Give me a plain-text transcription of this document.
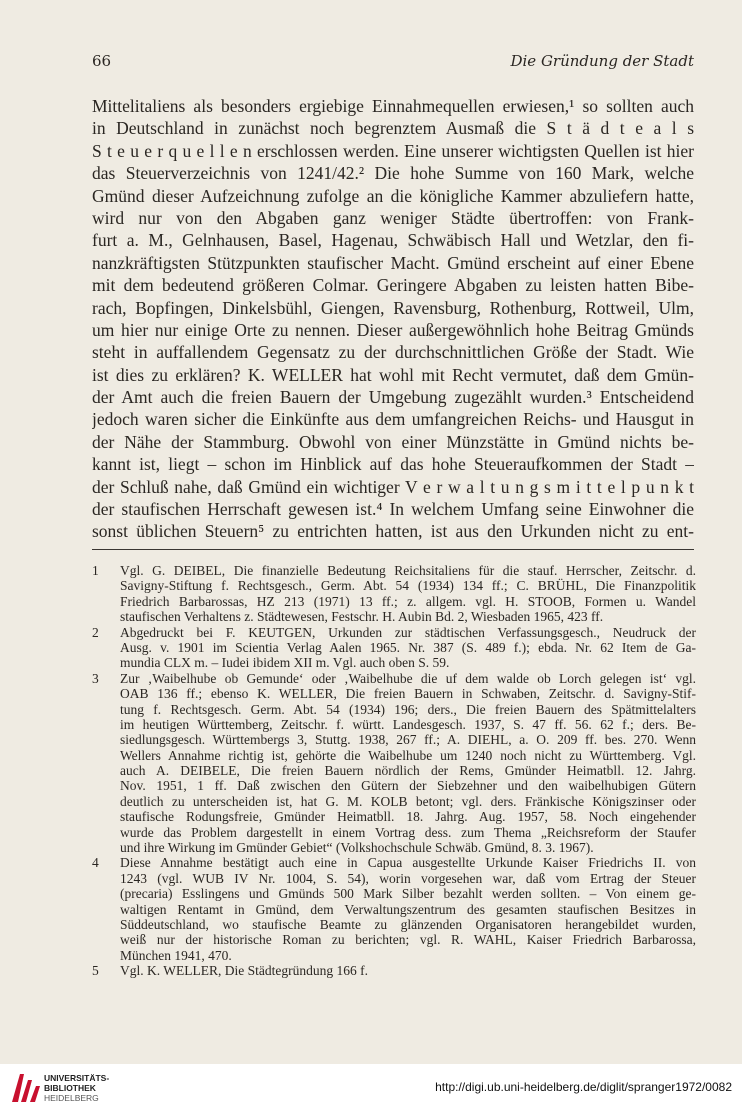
66	Die Gründung der Stadt
Mittelitaliens als besonders ergiebige Einnahmequellen erwiesen,¹ so sollten auch
in Deutschland in zunächst noch begrenztem Ausmaß die S t ä d t e a l s
S t e u e r q u e l l e n erschlossen werden. Eine unserer wichtigsten Quellen ist hier
das Steuerverzeichnis von 1241/42.² Die hohe Summe von 160 Mark, welche
Gmünd dieser Aufzeichnung zufolge an die königliche Kammer abzuliefern hatte,
wird nur von den Abgaben ganz weniger Städte übertroffen: von Frank-
furt a. M., Gelnhausen, Basel, Hagenau, Schwäbisch Hall und Wetzlar, den fi-
nanzkräftigsten Stützpunkten staufischer Macht. Gmünd erscheint auf einer Ebene
mit dem bedeutend größeren Colmar. Geringere Abgaben zu leisten hatten Bibe-
rach, Bopfingen, Dinkelsbühl, Giengen, Ravensburg, Rothenburg, Rottweil, Ulm,
um hier nur einige Orte zu nennen. Dieser außergewöhnlich hohe Beitrag Gmünds
steht in auffallendem Gegensatz zu der durchschnittlichen Größe der Stadt. Wie
ist dies zu erklären? K. WELLER hat wohl mit Recht vermutet, daß dem Gmün-
der Amt auch die freien Bauern der Umgebung zugezählt wurden.³ Entscheidend
jedoch waren sicher die Einkünfte aus dem umfangreichen Reichs- und Hausgut in
der Nähe der Stammburg. Obwohl von einer Münzstätte in Gmünd nichts be-
kannt ist, liegt – schon im Hinblick auf das hohe Steueraufkommen der Stadt –
der Schluß nahe, daß Gmünd ein wichtiger V e r w a l t u n g s m i t t e l p u n k t
der staufischen Herrschaft gewesen ist.⁴ In welchem Umfang seine Einwohner die
sonst üblichen Steuern⁵ zu entrichten hatten, ist aus den Urkunden nicht zu ent-
1 Vgl. G. DEIBEL, Die finanzielle Bedeutung Reichsitaliens für die stauf. Herrscher, Zeitschr. d.
Savigny-Stiftung f. Rechtsgesch., Germ. Abt. 54 (1934) 134 ff.; C. BRÜHL, Die Finanzpolitik
Friedrich Barbarossas, HZ 213 (1971) 13 ff.; z. allgem. vgl. H. STOOB, Formen u. Wandel
staufischen Verhaltens z. Städtewesen, Festschr. H. Aubin Bd. 2, Wiesbaden 1965, 423 ff.
2 Abgedruckt bei F. KEUTGEN, Urkunden zur städtischen Verfassungsgesch., Neudruck der
Ausg. v. 1901 im Scientia Verlag Aalen 1965. Nr. 387 (S. 489 f.); ebda. Nr. 62 Item de Ga-
mundia CLX m. – Iudei ibidem XII m. Vgl. auch oben S. 59.
3 Zur ‚Waibelhube ob Gemunde‘ oder ‚Waibelhube die uf dem walde ob Lorch gelegen ist‘ vgl.
OAB 136 ff.; ebenso K. WELLER, Die freien Bauern in Schwaben, Zeitschr. d. Savigny-Stif-
tung f. Rechtsgesch. Germ. Abt. 54 (1934) 196; ders., Die freien Bauern des Spätmittelalters
im heutigen Württemberg, Zeitschr. f. württ. Landesgesch. 1937, S. 47 ff. 56. 62 f.; ders. Be-
siedlungsgesch. Württembergs 3, Stuttg. 1938, 267 ff.; A. DIEHL, a. O. 209 ff. bes. 270. Wenn
Wellers Annahme richtig ist, gehörte die Waibelhube um 1240 noch nicht zu Württemberg. Vgl.
auch A. DEIBELE, Die freien Bauern nördlich der Rems, Gmünder Heimatbll. 12. Jahrg.
Nov. 1951, 1 ff. Daß zwischen den Gütern der Siebzehner und den waibelhubigen Gütern
deutlich zu unterscheiden ist, hat G. M. KOLB betont; vgl. ders. Fränkische Königszinser oder
staufische Rodungsfreie, Gmünder Heimatbll. 18. Jahrg. Aug. 1957, 58. Noch eingehender
wurde das Problem dargestellt in einem Vortrag dess. zum Thema „Reichsreform der Staufer
und ihre Wirkung im Gmünder Gebiet“ (Volkshochschule Schwäb. Gmünd, 8. 3. 1967).
4 Diese Annahme bestätigt auch eine in Capua ausgestellte Urkunde Kaiser Friedrichs II. von
1243 (vgl. WUB IV Nr. 1004, S. 54), worin vorgesehen war, daß vom Ertrag der Steuer
(precaria) Esslingens und Gmünds 500 Mark Silber bezahlt werden sollten. – Von einem ge-
waltigen Rentamt in Gmünd, dem Verwaltungszentrum des gesamten staufischen Besitzes in
Süddeutschland, wo staufische Beamte zu glänzenden Organisatoren herangebildet wurden,
weiß nur der historische Roman zu berichten; vgl. R. WAHL, Kaiser Friedrich Barbarossa,
München 1941, 470.
5 Vgl. K. WELLER, Die Städtegründung 166 f.
UNIVERSITÄTS-
BIBLIOTHEK
HEIDELBERG
http://digi.ub.uni-heidelberg.de/diglit/spranger1972/0082
